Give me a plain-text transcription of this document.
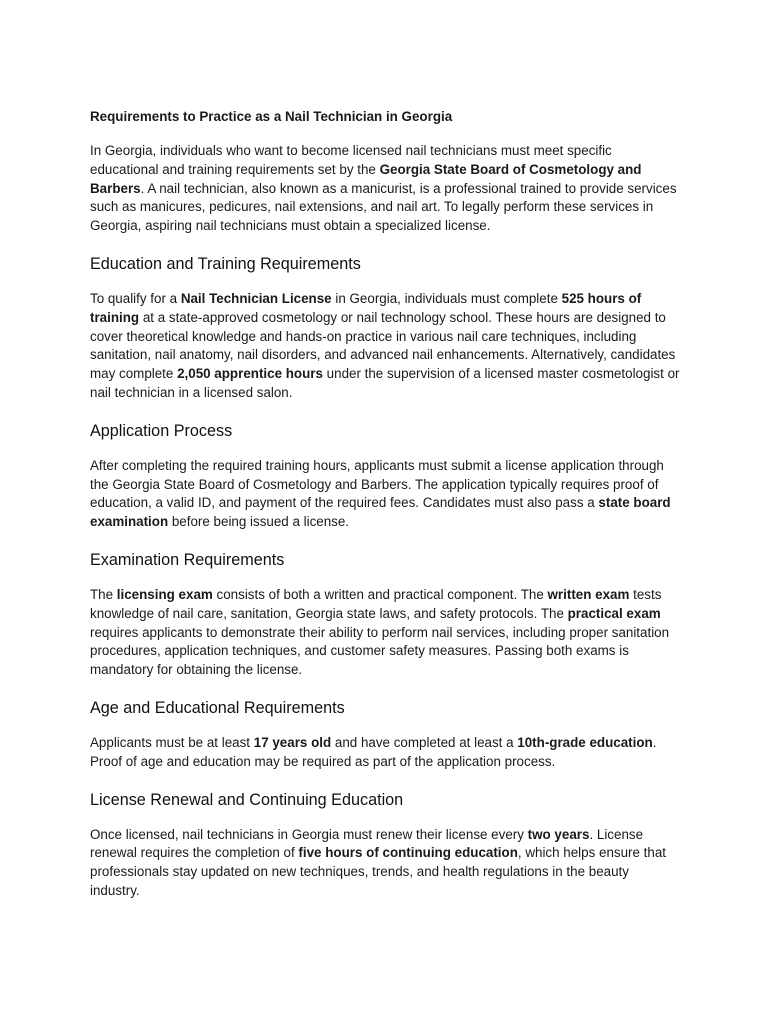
Requirements to Practice as a Nail Technician in Georgia
In Georgia, individuals who want to become licensed nail technicians must meet specific educational and training requirements set by the Georgia State Board of Cosmetology and Barbers. A nail technician, also known as a manicurist, is a professional trained to provide services such as manicures, pedicures, nail extensions, and nail art. To legally perform these services in Georgia, aspiring nail technicians must obtain a specialized license.
Education and Training Requirements
To qualify for a Nail Technician License in Georgia, individuals must complete 525 hours of training at a state-approved cosmetology or nail technology school. These hours are designed to cover theoretical knowledge and hands-on practice in various nail care techniques, including sanitation, nail anatomy, nail disorders, and advanced nail enhancements. Alternatively, candidates may complete 2,050 apprentice hours under the supervision of a licensed master cosmetologist or nail technician in a licensed salon.
Application Process
After completing the required training hours, applicants must submit a license application through the Georgia State Board of Cosmetology and Barbers. The application typically requires proof of education, a valid ID, and payment of the required fees. Candidates must also pass a state board examination before being issued a license.
Examination Requirements
The licensing exam consists of both a written and practical component. The written exam tests knowledge of nail care, sanitation, Georgia state laws, and safety protocols. The practical exam requires applicants to demonstrate their ability to perform nail services, including proper sanitation procedures, application techniques, and customer safety measures. Passing both exams is mandatory for obtaining the license.
Age and Educational Requirements
Applicants must be at least 17 years old and have completed at least a 10th-grade education. Proof of age and education may be required as part of the application process.
License Renewal and Continuing Education
Once licensed, nail technicians in Georgia must renew their license every two years. License renewal requires the completion of five hours of continuing education, which helps ensure that professionals stay updated on new techniques, trends, and health regulations in the beauty industry.
